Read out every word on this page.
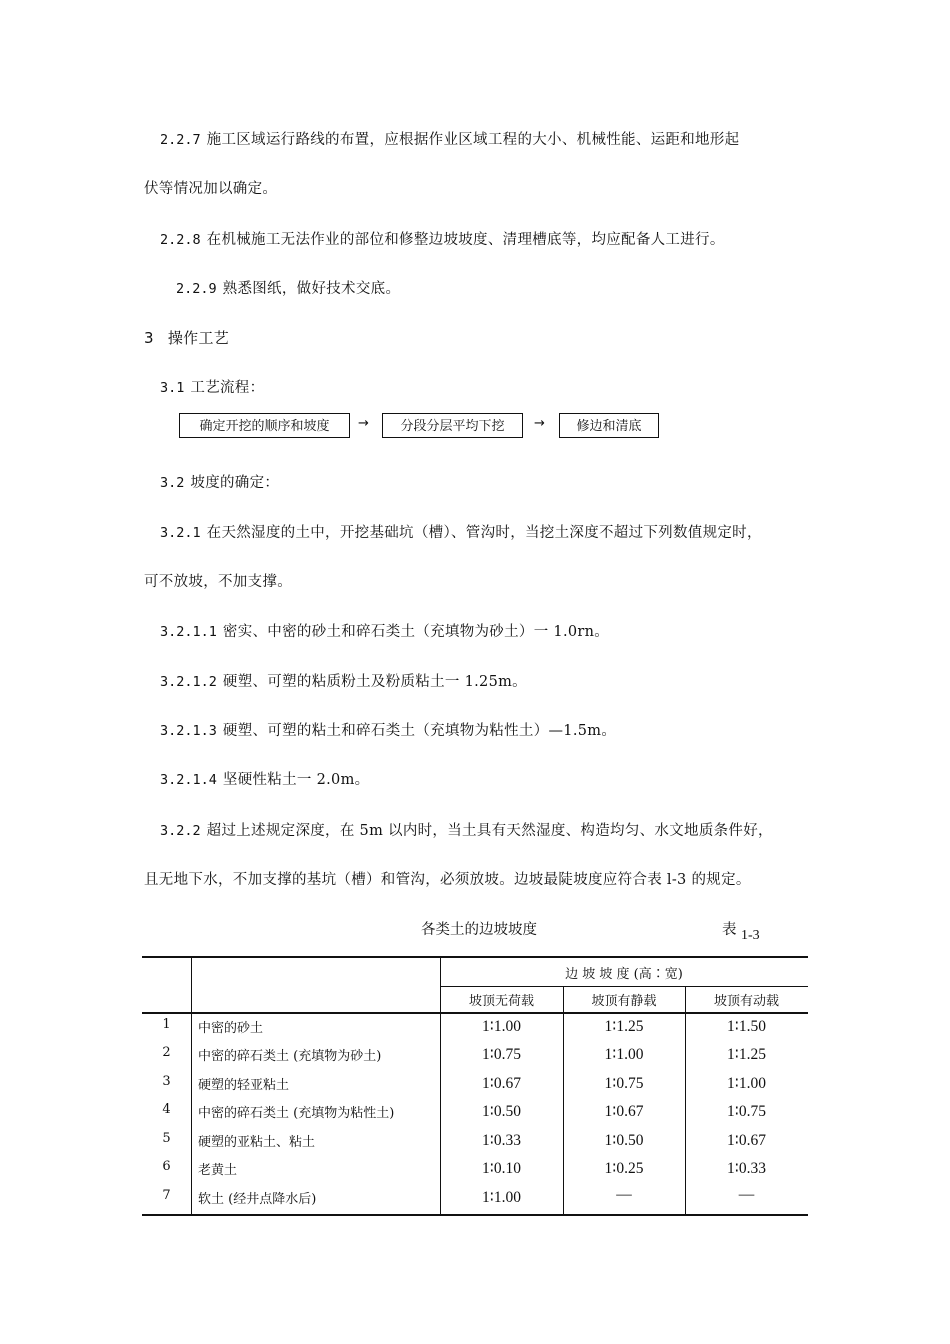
2.2.7 施工区域运行路线的布置，应根据作业区域工程的大小、机械性能、运距和地形起
伏等情况加以确定。
2.2.8 在机械施工无法作业的部位和修整边坡坡度、清理槽底等，均应配备人工进行。
2.2.9 熟悉图纸，做好技术交底。
3 操作工艺
3.1 工艺流程：
确定开挖的顺序和坡度	→	分段分层平均下挖	→	修边和清底
3.2 坡度的确定：
3.2.1 在天然湿度的土中，开挖基础坑（槽）、管沟时，当挖土深度不超过下列数值规定时，
可不放坡，不加支撑。
3.2.1.1 密实、中密的砂土和碎石类土（充填物为砂土）一 1.0rn。
3.2.1.2 硬塑、可塑的粘质粉土及粉质粘土一 1.25m。
3.2.1.3 硬塑、可塑的粘土和碎石类土（充填物为粘性土）—1.5m。
3.2.1.4 坚硬性粘土一 2.0m。
3.2.2 超过上述规定深度，在 5m 以内时，当土具有天然湿度、构造均匀、水文地质条件好，
且无地下水，不加支撑的基坑（槽）和管沟，必须放坡。边坡最陡坡度应符合表 l-3 的规定。
各类土的边坡坡度	表 1-3
边 坡 坡 度 (高∶宽)
坡顶无荷载	坡顶有静载	坡顶有动载
1	中密的砂土	1∶1.00	1∶1.25	1∶1.50
2	中密的碎石类土 (充填物为砂土)	1∶0.75	1∶1.00	1∶1.25
3	硬塑的轻亚粘土	1∶0.67	1∶0.75	1∶1.00
4	中密的碎石类土 (充填物为粘性土)	1∶0.50	1∶0.67	1∶0.75
5	硬塑的亚粘土、粘土	1∶0.33	1∶0.50	1∶0.67
6	老黄土	1∶0.10	1∶0.25	1∶0.33
7	软土 (经井点降水后)	1∶1.00	—	—
